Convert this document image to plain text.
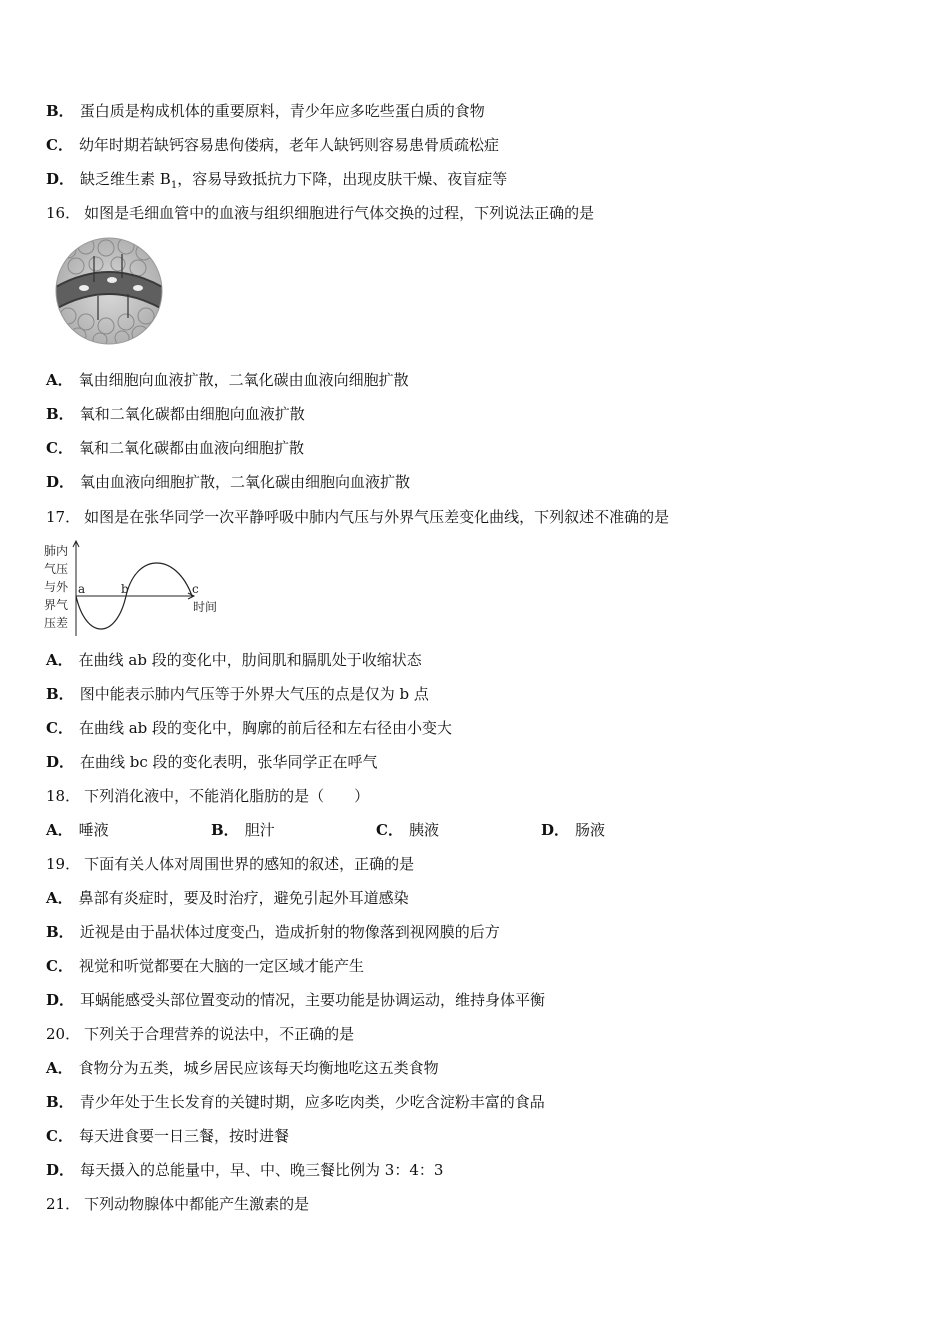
B． 蛋白质是构成机体的重要原料，青少年应多吃些蛋白质的食物
C． 幼年时期若缺钙容易患佝偻病，老年人缺钙则容易患骨质疏松症
D． 缺乏维生素 $B_1$，容易导致抵抗力下降，出现皮肤干燥、夜盲症等
16． 如图是毛细血管中的血液与组织细胞进行气体交换的过程，下列说法正确的是
A． 氧由细胞向血液扩散，二氧化碳由血液向细胞扩散
B． 氧和二氧化碳都由细胞向血液扩散
C． 氧和二氧化碳都由血液向细胞扩散
D． 氧由血液向细胞扩散，二氧化碳由细胞向血液扩散
17． 如图是在张华同学一次平静呼吸中肺内气压与外界气压差变化曲线，下列叙述不准确的是
肺内
气压
与外
界气
压差
a	b	c
时间
A． 在曲线 ab 段的变化中，肋间肌和膈肌处于收缩状态
B． 图中能表示肺内气压等于外界大气压的点是仅为 b 点
C． 在曲线 ab 段的变化中，胸廓的前后径和左右径由小变大
D． 在曲线 bc 段的变化表明，张华同学正在呼气
18． 下列消化液中，不能消化脂肪的是（　　）
A． 唾液	B． 胆汁	C． 胰液	D． 肠液
19． 下面有关人体对周围世界的感知的叙述，正确的是
A． 鼻部有炎症时，要及时治疗，避免引起外耳道感染
B． 近视是由于晶状体过度变凸，造成折射的物像落到视网膜的后方
C． 视觉和听觉都要在大脑的一定区域才能产生
D． 耳蜗能感受头部位置变动的情况，主要功能是协调运动，维持身体平衡
20． 下列关于合理营养的说法中，不正确的是
A． 食物分为五类，城乡居民应该每天均衡地吃这五类食物
B． 青少年处于生长发育的关键时期，应多吃肉类，少吃含淀粉丰富的食品
C． 每天进食要一日三餐，按时进餐
D． 每天摄入的总能量中，早、中、晚三餐比例为 3：4：3
21． 下列动物腺体中都能产生激素的是
